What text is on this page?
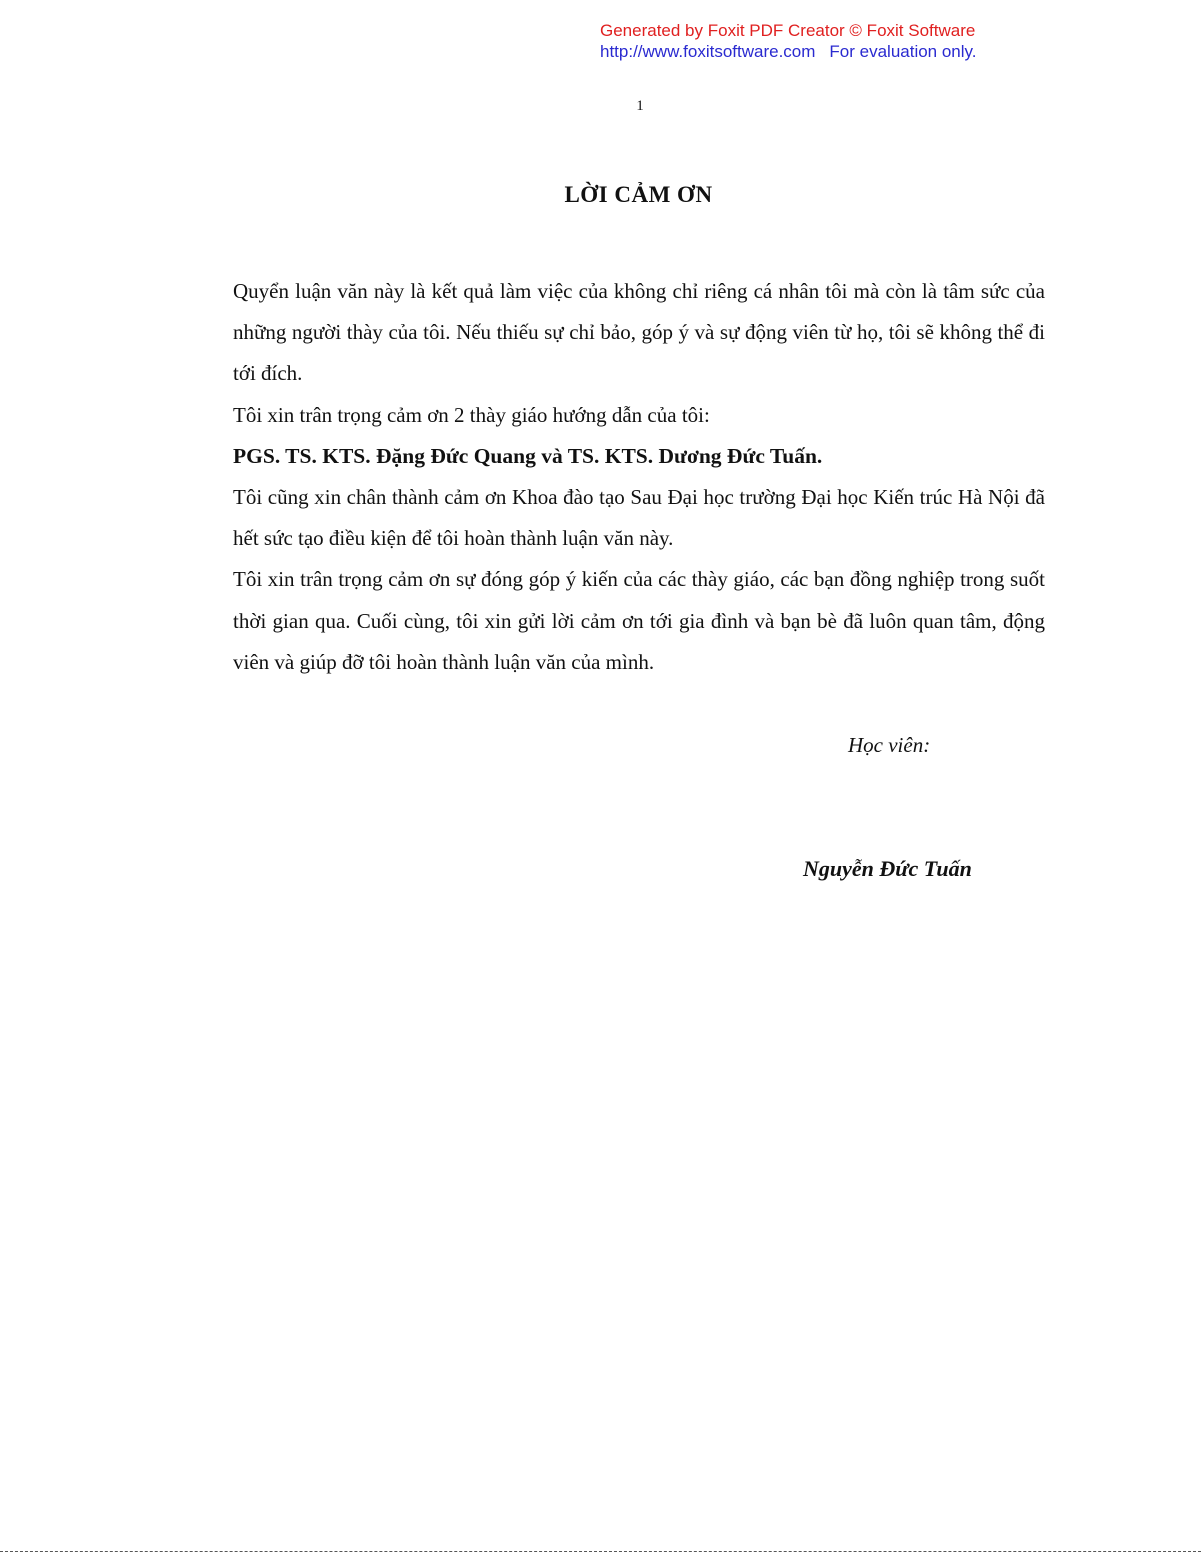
Generated by Foxit PDF Creator © Foxit Software
http://www.foxitsoftware.com For evaluation only.
1
LỜI CẢM ƠN

Quyển luận văn này là kết quả làm việc của không chỉ riêng cá nhân tôi mà còn là tâm sức của những người thày của tôi. Nếu thiếu sự chỉ bảo, góp ý và sự động viên từ họ, tôi sẽ không thể đi tới đích.

Tôi xin trân trọng cảm ơn 2 thày giáo hướng dẫn của tôi:

PGS. TS. KTS. Đặng Đức Quang và TS. KTS. Dương Đức Tuấn.

Tôi cũng xin chân thành cảm ơn Khoa đào tạo Sau Đại học trường Đại học Kiến trúc Hà Nội đã hết sức tạo điều kiện để tôi hoàn thành luận văn này.

Tôi xin trân trọng cảm ơn sự đóng góp ý kiến của các thày giáo, các bạn đồng nghiệp trong suốt thời gian qua. Cuối cùng, tôi xin gửi lời cảm ơn tới gia đình và bạn bè đã luôn quan tâm, động viên và giúp đỡ tôi hoàn thành luận văn của mình.

Học viên:
Nguyễn Đức Tuấn
